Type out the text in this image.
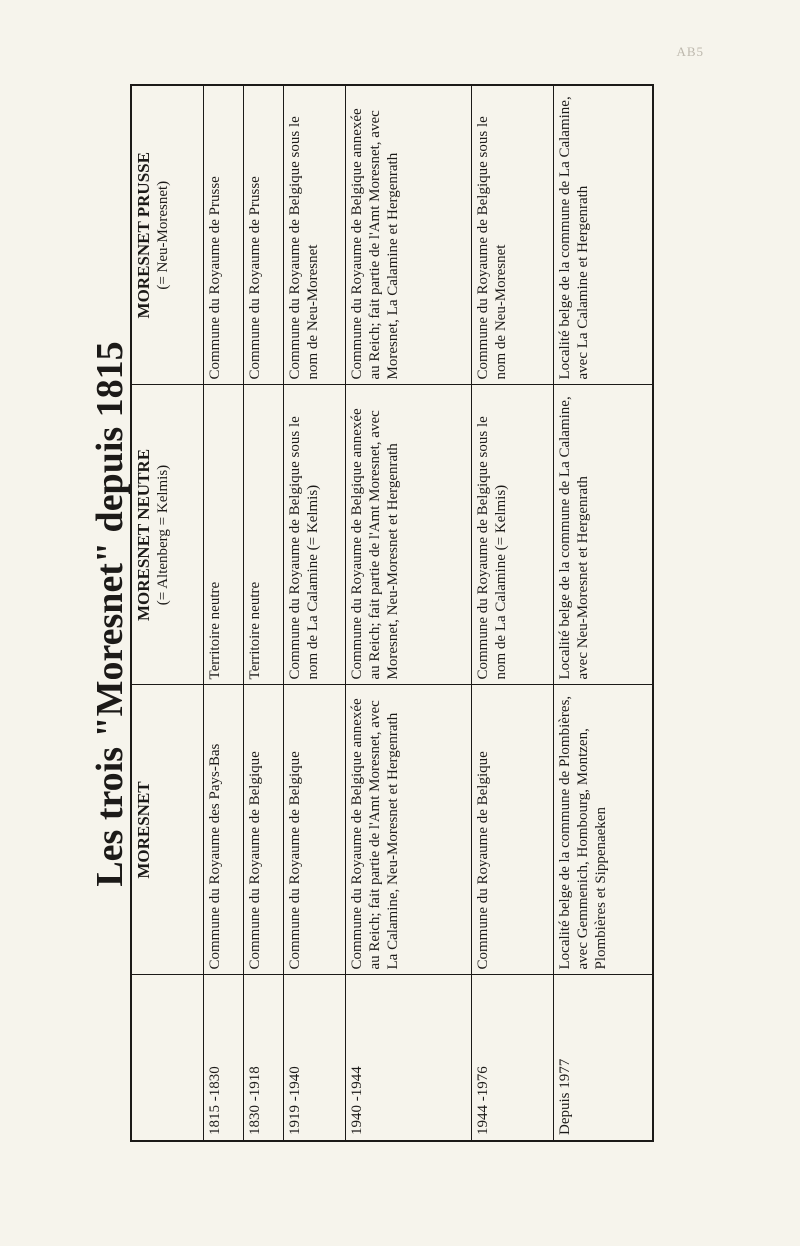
AB5
Les trois "Moresnet" depuis 1815
	MORESNET	MORESNET NEUTRE (= Altenberg = Kelmis)	MORESNET PRUSSE (= Neu-Moresnet)

1815 -1830	Commune du Royaume des Pays-Bas	Territoire neutre	Commune du Royaume de Prusse
1830 -1918	Commune du Royaume de Belgique	Territoire neutre	Commune du Royaume de Prusse
1919 -1940	Commune du Royaume de Belgique	Commune du Royaume de Belgique sous le nom de La Calamine (= Kelmis)	Commune du Royaume de Belgique sous le nom de Neu-Moresnet
1940 -1944	Commune du Royaume de Belgique annexée au Reich; fait partie de l'Amt Moresnet, avec La Calamine, Neu-Moresnet et Hergenrath	Commune du Royaume de Belgique annexée au Reich; fait partie de l'Amt Moresnet, avec Moresnet, Neu-Moresnet et Hergenrath	Commune du Royaume de Belgique annexée au Reich; fait partie de l'Amt Moresnet, avec Moresnet, La Calamine et Hergenrath
1944 -1976	Commune du Royaume de Belgique	Commune du Royaume de Belgique sous le nom de La Calamine (= Kelmis)	Commune du Royaume de Belgique sous le nom de Neu-Moresnet
Depuis 1977	Localité belge de la commune de Plombières, avec Gemmenich, Hombourg, Montzen, Plombières et Sippenaeken	Localité belge de la commune de La Calamine, avec Neu-Moresnet et Hergenrath	Localité belge de la commune de La Calamine, avec La Calamine et Hergenrath
